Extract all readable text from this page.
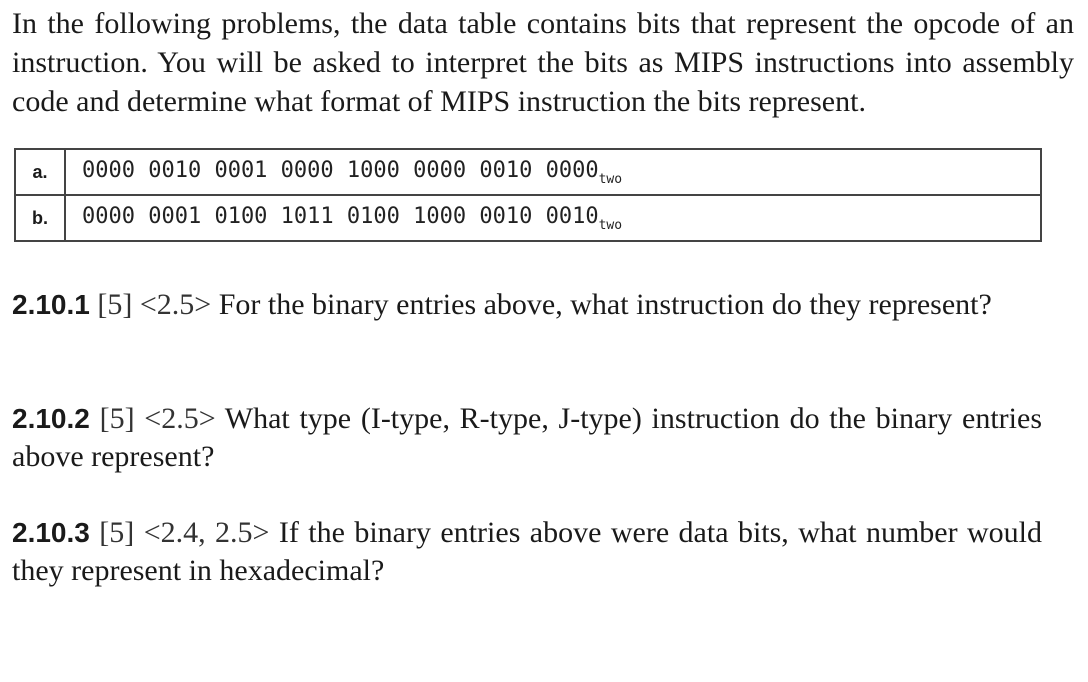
In the following problems, the data table contains bits that represent the opcode of an instruction. You will be asked to interpret the bits as MIPS instructions into assembly code and determine what format of MIPS instruction the bits represent.

a.	0000 0010 0001 0000 1000 0000 0010 $0000_{two}$
b.	0000 0001 0100 1011 0100 1000 0010 $0010_{two}$

2.10.1 [5] <2.5> For the binary entries above, what instruction do they represent?

2.10.2 [5] <2.5> What type (I-type, R-type, J-type) instruction do the binary entries above represent?

2.10.3 [5] <2.4, 2.5> If the binary entries above were data bits, what number would they represent in hexadecimal?
